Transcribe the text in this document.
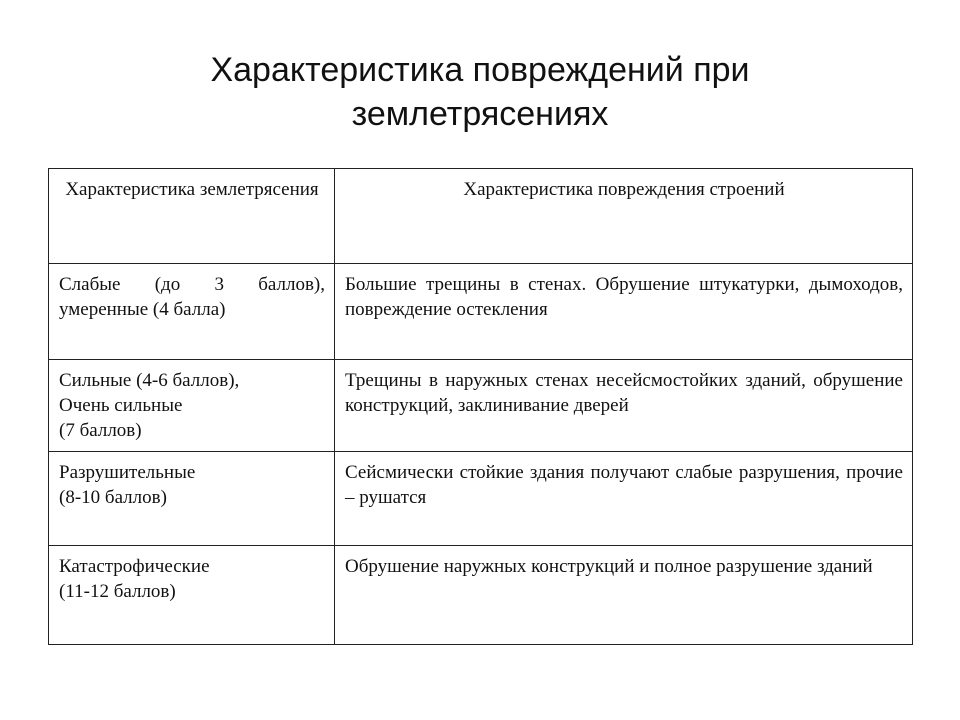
Характеристика повреждений при
землетрясениях
Характеристика землетрясения	Характеристика повреждения строений

Слабые (до 3 баллов), умеренные (4 балла)	Большие трещины в стенах. Обрушение штукатурки, дымоходов, повреждение остекления

Сильные (4-6 баллов),
Очень сильные
(7 баллов)	Трещины в наружных стенах несейсмостойких зданий, обрушение конструкций, заклинивание дверей

Разрушительные
(8-10 баллов)	Сейсмически стойкие здания получают слабые разрушения, прочие – рушатся

Катастрофические
(11-12 баллов)	Обрушение наружных конструкций и полное разрушение зданий
